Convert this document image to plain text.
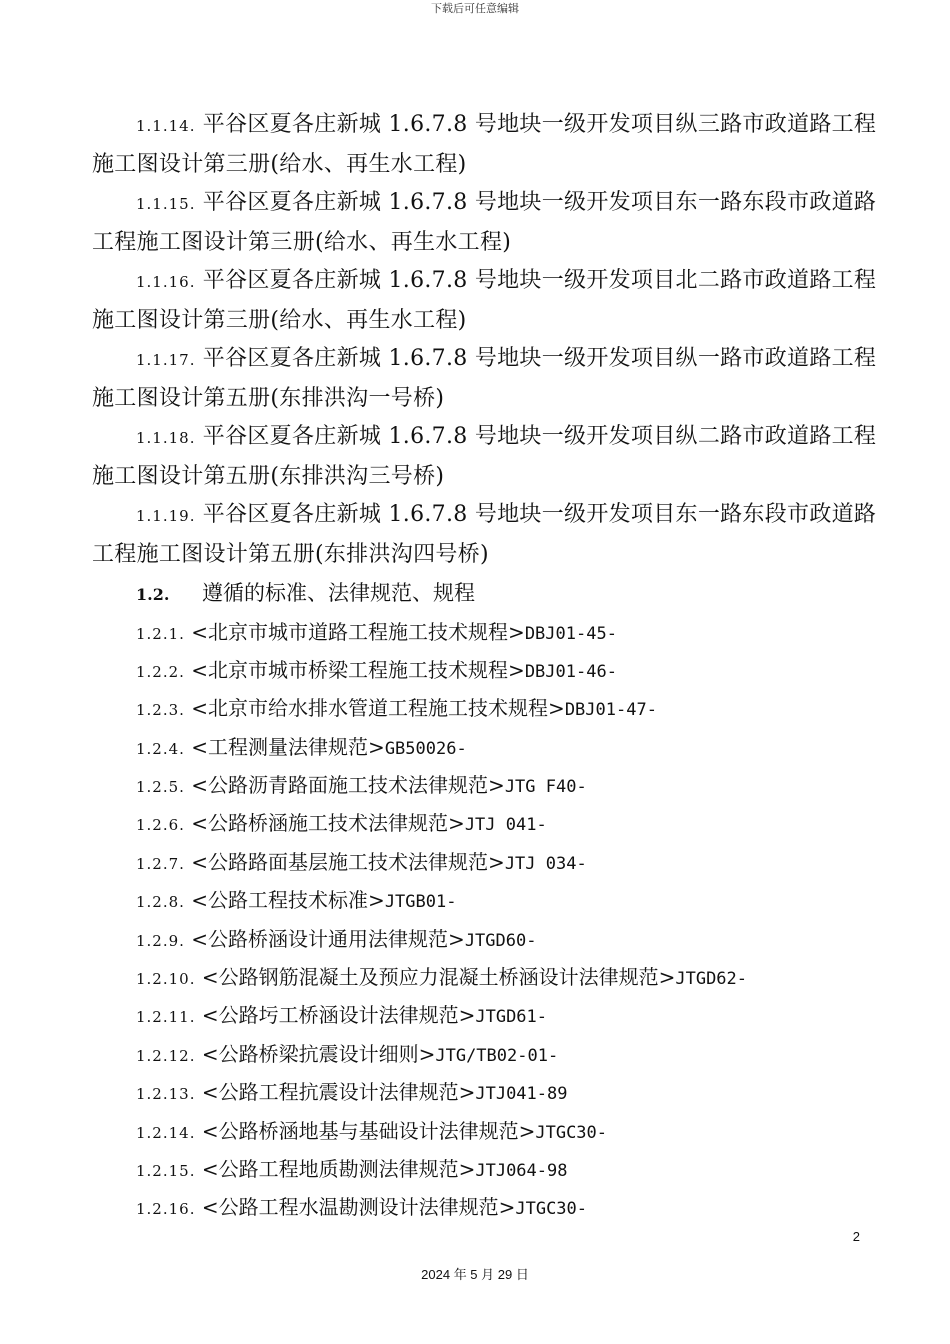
下载后可任意编辑
1.1.14. 平谷区夏各庄新城 1.6.7.8 号地块一级开发项目纵三路市政道路工程施工图设计第三册(给水、再生水工程)
1.1.15. 平谷区夏各庄新城 1.6.7.8 号地块一级开发项目东一路东段市政道路工程施工图设计第三册(给水、再生水工程)
1.1.16. 平谷区夏各庄新城 1.6.7.8 号地块一级开发项目北二路市政道路工程施工图设计第三册(给水、再生水工程)
1.1.17. 平谷区夏各庄新城 1.6.7.8 号地块一级开发项目纵一路市政道路工程施工图设计第五册(东排洪沟一号桥)
1.1.18. 平谷区夏各庄新城 1.6.7.8 号地块一级开发项目纵二路市政道路工程施工图设计第五册(东排洪沟三号桥)
1.1.19. 平谷区夏各庄新城 1.6.7.8 号地块一级开发项目东一路东段市政道路工程施工图设计第五册(东排洪沟四号桥)
1.2. 遵循的标准、法律规范、规程
1.2.1. <北京市城市道路工程施工技术规程>DBJ01-45-
1.2.2. <北京市城市桥梁工程施工技术规程>DBJ01-46-
1.2.3. <北京市给水排水管道工程施工技术规程>DBJ01-47-
1.2.4. <工程测量法律规范>GB50026-
1.2.5. <公路沥青路面施工技术法律规范>JTG F40-
1.2.6. <公路桥涵施工技术法律规范>JTJ 041-
1.2.7. <公路路面基层施工技术法律规范>JTJ 034-
1.2.8. <公路工程技术标准>JTGB01-
1.2.9. <公路桥涵设计通用法律规范>JTGD60-
1.2.10. <公路钢筋混凝土及预应力混凝土桥涵设计法律规范>JTGD62-
1.2.11. <公路圬工桥涵设计法律规范>JTGD61-
1.2.12. <公路桥梁抗震设计细则>JTG/TB02-01-
1.2.13. <公路工程抗震设计法律规范>JTJ041-89
1.2.14. <公路桥涵地基与基础设计法律规范>JTGC30-
1.2.15. <公路工程地质勘测法律规范>JTJ064-98
1.2.16. <公路工程水温勘测设计法律规范>JTGC30-
2
2024 年 5 月 29 日
